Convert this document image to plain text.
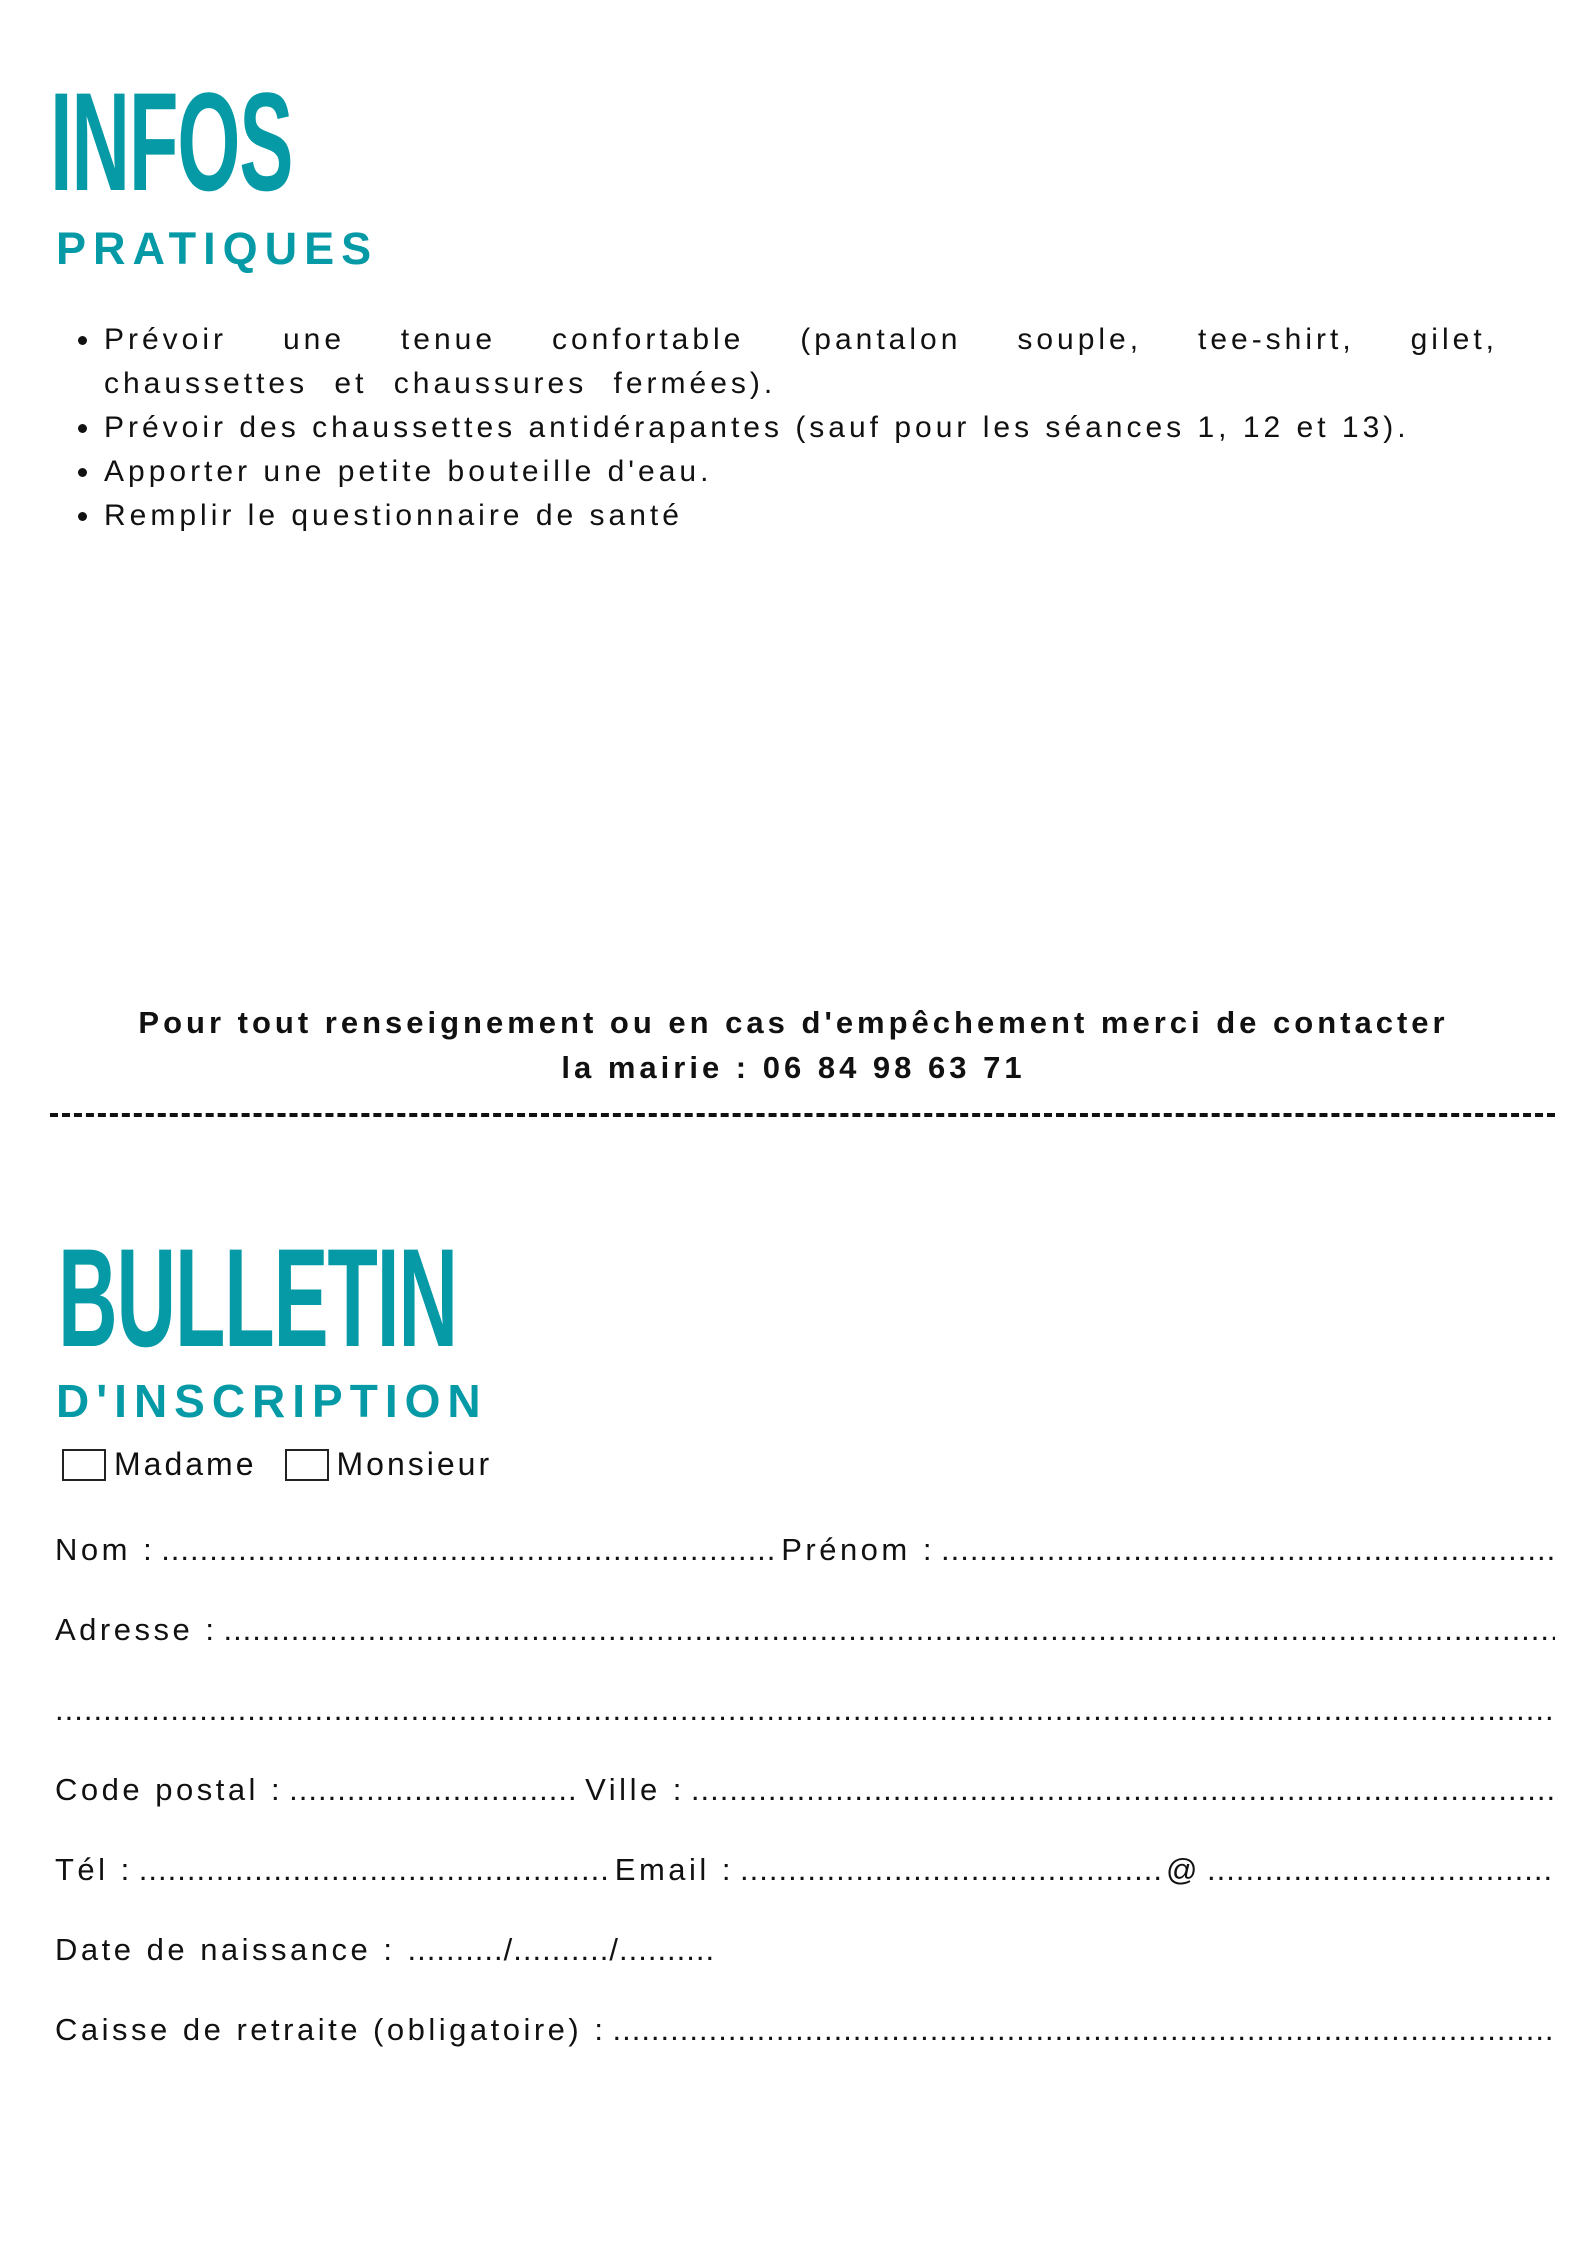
INFOS
PRATIQUES
Prévoir une tenue confortable (pantalon souple, tee-shirt, gilet, chaussettes et chaussures fermées).
Prévoir des chaussettes antidérapantes (sauf pour les séances 1, 12 et 13).
Apporter une petite bouteille d'eau.
Remplir le questionnaire de santé

Pour tout renseignement ou en cas d'empêchement merci de contacter
la mairie : 06 84 98 63 71

BULLETIN
D'INSCRIPTION
Madame	Monsieur
Nom : .....	Prénom :
.....
Adresse :
.....
.....
Code postal : .....	Ville :
.....
Tél : .....	Email : .....	@
.....
Date de naissance : ........../........../..........
Caisse de retraite (obligatoire) :
.....
